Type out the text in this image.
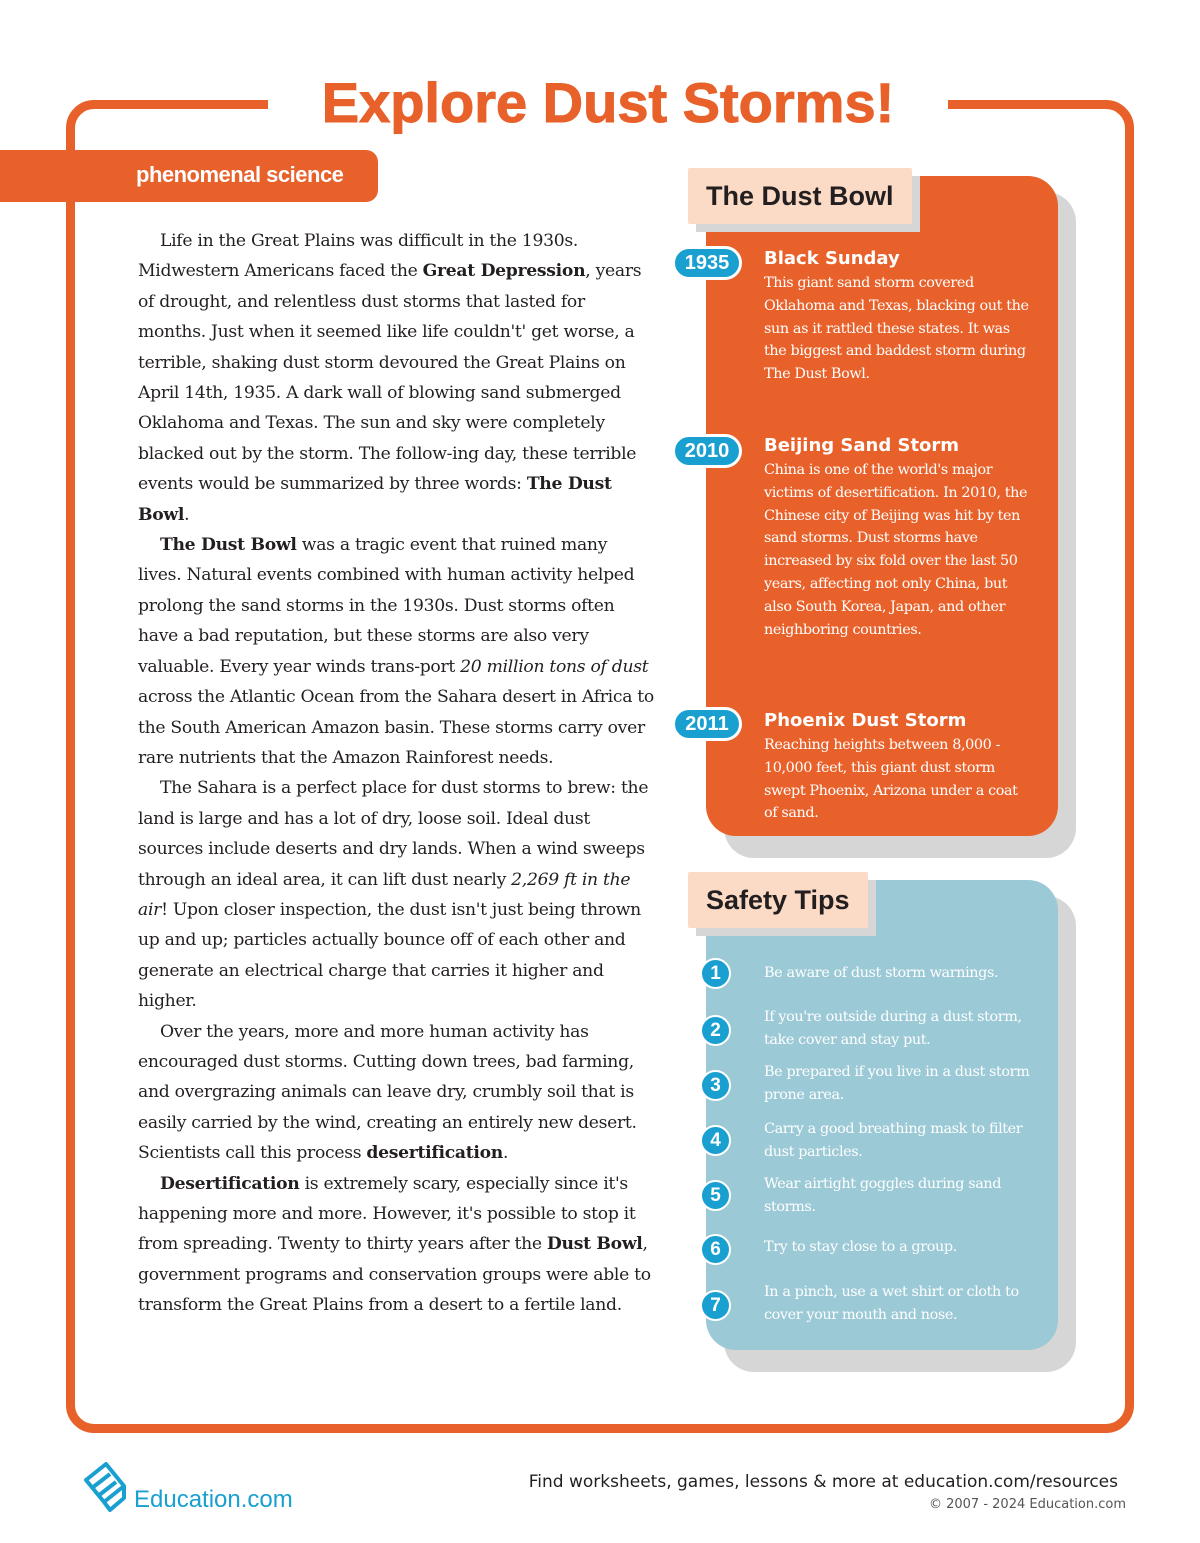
Explore Dust Storms!
phenomenal science

Life in the Great Plains was difficult in the 1930s. Midwestern Americans faced the Great Depression, years of drought, and relentless dust storms that lasted for months. Just when it seemed like life couldn't' get worse, a terrible, shaking dust storm devoured the Great Plains on April 14th, 1935. A dark wall of blowing sand submerged Oklahoma and Texas. The sun and sky were completely blacked out by the storm. The follow-ing day, these terrible events would be summarized by three words: The Dust Bowl.

The Dust Bowl was a tragic event that ruined many lives. Natural events combined with human activity helped prolong the sand storms in the 1930s. Dust storms often have a bad reputation, but these storms are also very valuable. Every year winds trans-port 20 million tons of dust across the Atlantic Ocean from the Sahara desert in Africa to the South American Amazon basin. These storms carry over rare nutrients that the Amazon Rainforest needs.

The Sahara is a perfect place for dust storms to brew: the land is large and has a lot of dry, loose soil. Ideal dust sources include deserts and dry lands. When a wind sweeps through an ideal area, it can lift dust nearly 2,269 ft in the air! Upon closer inspection, the dust isn't just being thrown up and up; particles actually bounce off of each other and generate an electrical charge that carries it higher and higher.

Over the years, more and more human activity has encouraged dust storms. Cutting down trees, bad farming, and overgrazing animals can leave dry, crumbly soil that is easily carried by the wind, creating an entirely new desert. Scientists call this process desertification.

Desertification is extremely scary, especially since it's happening more and more. However, it's possible to stop it from spreading. Twenty to thirty years after the Dust Bowl, government programs and conservation groups were able to transform the Great Plains from a desert to a fertile land.

The Dust Bowl
1935	Black Sunday

This giant sand storm covered Oklahoma and Texas, blacking out the sun as it rattled these states. It was the biggest and baddest storm during The Dust Bowl.

2010	Beijing Sand Storm

China is one of the world's major victims of desertification. In 2010, the Chinese city of Beijing was hit by ten sand storms. Dust storms have increased by six fold over the last 50 years, affecting not only China, but also South Korea, Japan, and other neighboring countries.

2011	Phoenix Dust Storm

Reaching heights between 8,000 - 10,000 feet, this giant dust storm swept Phoenix, Arizona under a coat of sand.

Safety Tips
1	Be aware of dust storm warnings.

2

If you're outside during a dust storm, take cover and stay put.

3

Be prepared if you live in a dust storm prone area.

4

Carry a good breathing mask to filter dust particles.

5

Wear airtight goggles during sand storms.

6	Try to stay close to a group.

7

In a pinch, use a wet shirt or cloth to cover your mouth and nose.

Education.com
Find worksheets, games, lessons & more at education.com/resources
© 2007 - 2024 Education.com
